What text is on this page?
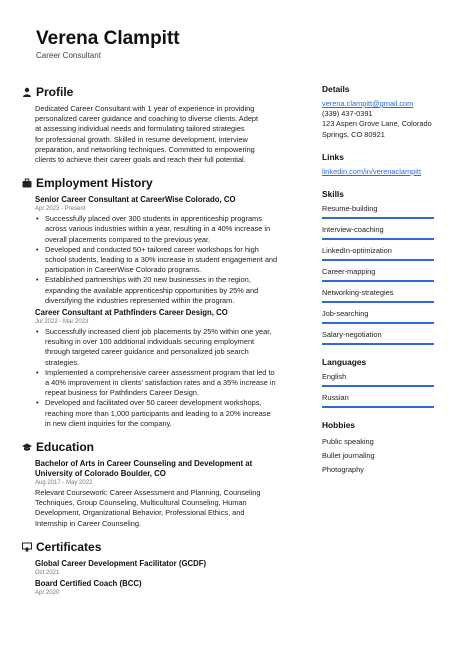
Verena Clampitt
Career Consultant
Profile
Dedicated Career Consultant with 1 year of experience in providing
personalized career guidance and coaching to diverse clients. Adept
at assessing individual needs and formulating tailored strategies
for professional growth. Skilled in resume development, interview
preparation, and networking techniques. Committed to empowering
clients to achieve their career goals and reach their full potential.
Employment History
Senior Career Consultant at CareerWise Colorado, CO
Apr 2023 - Present
• Successfully placed over 300 students in apprenticeship programs
across various industries within a year, resulting in a 40% increase in
overall placements compared to the previous year.
• Developed and conducted 50+ tailored career workshops for high
school students, leading to a 30% increase in student engagement and
participation in CareerWise Colorado programs.
• Established partnerships with 20 new businesses in the region,
expanding the available apprenticeship opportunities by 25% and
diversifying the industries represented within the program.
Career Consultant at Pathfinders Career Design, CO
Jul 2022 - Mar 2023
• Successfully increased client job placements by 25% within one year,
resulting in over 100 additional individuals securing employment
through targeted career guidance and personalized job search
strategies.
• Implemented a comprehensive career assessment program that led to
a 40% improvement in clients' satisfaction rates and a 35% increase in
repeat business for Pathfinders Career Design.
• Developed and facilitated over 50 career development workshops,
reaching more than 1,000 participants and leading to a 20% increase
in new client inquiries for the company.
Education
Bachelor of Arts in Career Counseling and Development at
University of Colorado Boulder, CO
Aug 2017 - May 2022
Relevant Coursework: Career Assessment and Planning, Counseling
Techniques, Group Counseling, Multicultural Counseling, Human
Development, Organizational Behavior, Professional Ethics, and
Internship in Career Counseling.
Certificates
Global Career Development Facilitator (GCDF)
Oct 2021
Board Certified Coach (BCC)
Apr 2020
Details
verena.clampitt@gmail.com
(339) 437-0391
123 Aspen Grove Lane, Colorado
Springs, CO 80921
Links
linkedin.com/in/verenaclampitt
Skills
Resume-building
Interview-coaching
LinkedIn-optimization
Career-mapping
Networking-strategies
Job-searching
Salary-negotiation
Languages
English
Russian
Hobbies
Public speaking
Bullet journaling
Photography
